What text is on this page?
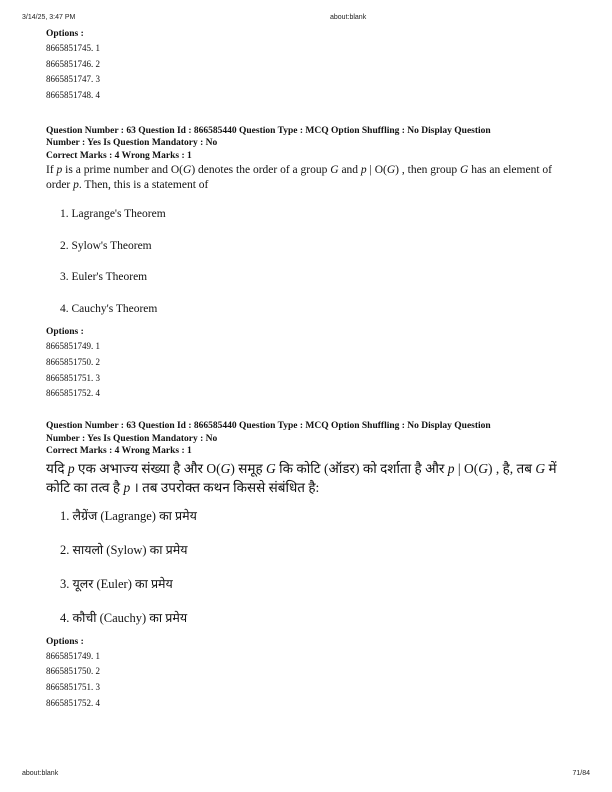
3/14/25, 3:47 PM	about:blank
Options :
8665851745. 1
8665851746. 2
8665851747. 3
8665851748. 4
Question Number : 63 Question Id : 866585440 Question Type : MCQ Option Shuffling : No Display Question
Number : Yes Is Question Mandatory : No
Correct Marks : 4 Wrong Marks : 1
If p is a prime number and O(G) denotes the order of a group G and p | O(G) , then group G has an element of order p. Then, this is a statement of
1. Lagrange's Theorem
2. Sylow's Theorem
3. Euler's Theorem
4. Cauchy's Theorem
Options :
8665851749. 1
8665851750. 2
8665851751. 3
8665851752. 4
Question Number : 63 Question Id : 866585440 Question Type : MCQ Option Shuffling : No Display Question
Number : Yes Is Question Mandatory : No
Correct Marks : 4 Wrong Marks : 1
यदि p एक अभाज्य संख्या है और O(G) समूह G कि कोटि (ऑडर) को दर्शाता है और p | O(G) , है, तब G में कोटि का तत्व है p । तब उपरोक्त कथन किससे संबंधित है:
1. लैग्रेंज (Lagrange) का प्रमेय
2. सायलो (Sylow) का प्रमेय
3. यूलर (Euler) का प्रमेय
4. कौची (Cauchy) का प्रमेय
Options :
8665851749. 1
8665851750. 2
8665851751. 3
8665851752. 4
about:blank	71/84
